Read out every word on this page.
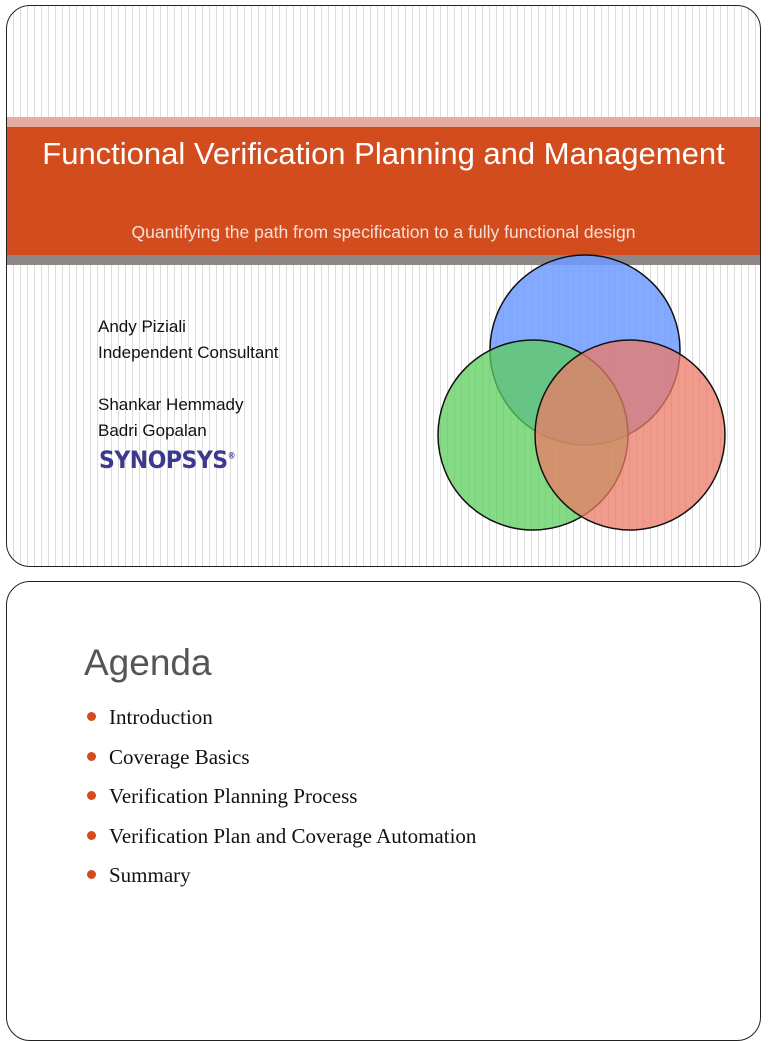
Functional Verification Planning and Management
Quantifying the path from specification to a fully functional design
Andy Piziali
Independent Consultant
Shankar Hemmady
Badri Gopalan
SYNOPSYS®
Agenda
Introduction
Coverage Basics
Verification Planning Process
Verification Plan and Coverage Automation
Summary
